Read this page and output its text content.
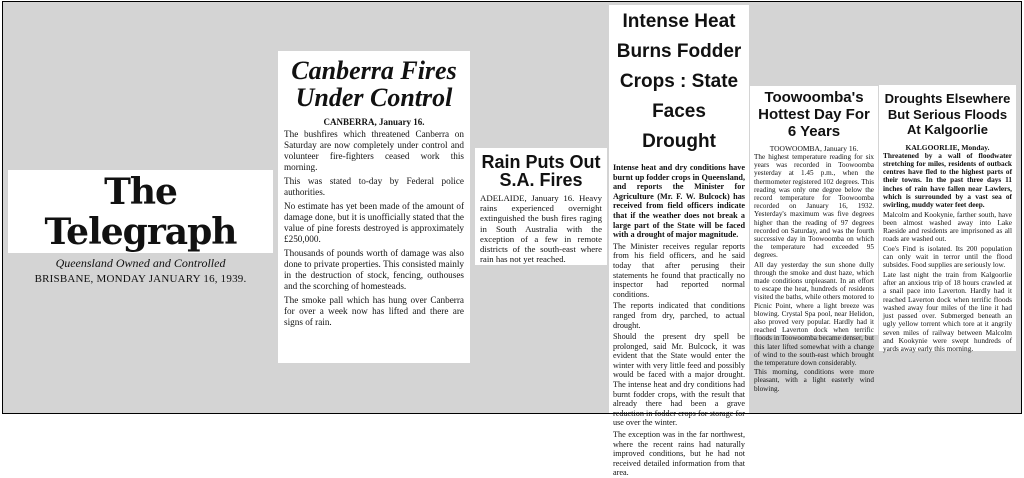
The Telegraph
Queensland Owned and Controlled
BRISBANE, MONDAY JANUARY 16, 1939.
Canberra Fires Under Control
CANBERRA, January 16.

The bushfires which threatened Canberra on Saturday are now completely under control and volunteer fire-fighters ceased work this morning.

This was stated to-day by Federal police authorities.

No estimate has yet been made of the amount of damage done, but it is unofficially stated that the value of pine forests destroyed is approximately £250,000.

Thousands of pounds worth of damage was also done to private properties. This consisted mainly in the destruction of stock, fencing, outhouses and the scorching of homesteads.

The smoke pall which has hung over Canberra for over a week now has lifted and there are signs of rain.

Rain Puts Out S.A. Fires

ADELAIDE, January 16. Heavy rains experienced overnight extinguished the bush fires raging in South Australia with the exception of a few in remote districts of the south-east where rain has not yet reached.

Intense Heat Burns Fodder Crops : State Faces Drought

Intense heat and dry conditions have burnt up fodder crops in Queensland, and reports the Minister for Agriculture (Mr. F. W. Bulcock) has received from field officers indicate that if the weather does not break a large part of the State will be faced with a drought of major magnitude.

The Minister receives regular reports from his field officers, and he said today that after perusing their statements he found that practically no inspector had reported normal conditions.

The reports indicated that conditions ranged from dry, parched, to actual drought.

Should the present dry spell be prolonged, said Mr. Bulcock, it was evident that the State would enter the winter with very little feed and possibly would be faced with a major drought. The intense heat and dry conditions had burnt fodder crops, with the result that already there had been a grave reduction in fodder crops for storage for use over the winter.

The exception was in the far northwest, where the recent rains had naturally improved conditions, but he had not received detailed information from that area.

Toowoomba's Hottest Day For 6 Years
TOOWOOMBA, January 16.

The highest temperature reading for six years was recorded in Toowoomba yesterday at 1.45 p.m., when the thermometer registered 102 degrees. This reading was only one degree below the record temperature for Toowoomba recorded on January 16, 1932. Yesterday's maximum was five degrees higher than the reading of 97 degrees recorded on Saturday, and was the fourth successive day in Toowoomba on which the temperature had exceeded 95 degrees.

All day yesterday the sun shone dully through the smoke and dust haze, which made conditions unpleasant. In an effort to escape the heat, hundreds of residents visited the baths, while others motored to Picnic Point, where a light breeze was blowing. Crystal Spa pool, near Helidon, also proved very popular. Hardly had it reached Laverton dock when terrific floods in Toowoomba became denser, but this later lifted somewhat with a change of wind to the south-east which brought the temperature down considerably.

This morning, conditions were more pleasant, with a light easterly wind blowing.

Droughts Elsewhere But Serious Floods At Kalgoorlie
KALGOORLIE, Monday.

Threatened by a wall of floodwater stretching for miles, residents of outback centres have fled to the highest parts of their towns. In the past three days 11 inches of rain have fallen near Lawlers, which is surrounded by a vast sea of swirling, muddy water feet deep.

Malcolm and Kookynie, farther south, have been almost washed away into Lake Raeside and residents are imprisoned as all roads are washed out.

Coe's Find is isolated. Its 200 population can only wait in terror until the flood subsides. Food supplies are seriously low.

Late last night the train from Kalgoorlie after an anxious trip of 18 hours crawled at a snail pace into Laverton. Hardly had it reached Laverton dock when terrific floods washed away four miles of the line it had just passed over. Submerged beneath an ugly yellow torrent which tore at it angrily seven miles of railway between Malcolm and Kookynie were swept hundreds of yards away early this morning.
